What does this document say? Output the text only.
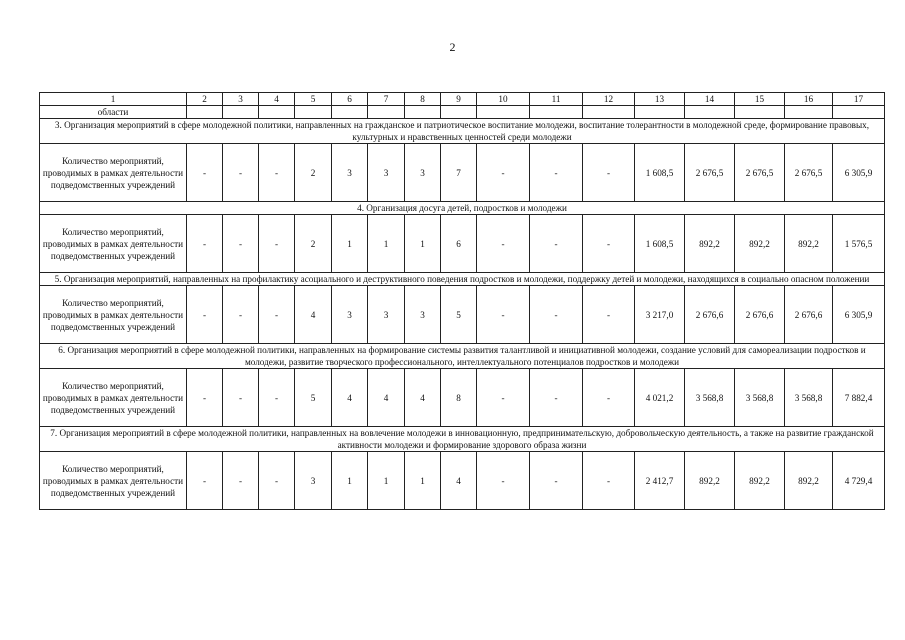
2
1	2	3	4	5	6	7	8	9	10	11	12	13	14	15	16	17
области																
3. Организация мероприятий в сфере молодежной политики, направленных на гражданское и патриотическое воспитание молодежи, воспитание толерантности в молодежной среде, формирование правовых, культурных и нравственных ценностей среди молодежи																
Количество мероприятий, проводимых в рамках деятельности подведомственных учреждений	-	-	-	2	3	3	3	7	-	-	-	1 608,5	2 676,5	2 676,5	2 676,5	6 305,9
4. Организация досуга детей, подростков и молодежи																
Количество мероприятий, проводимых в рамках деятельности подведомственных учреждений	-	-	-	2	1	1	1	6	-	-	-	1 608,5	892,2	892,2	892,2	1 576,5
5. Организация мероприятий, направленных на профилактику асоциального и деструктивного поведения подростков и молодежи, поддержку детей и молодежи, находящихся в социально опасном положении																
Количество мероприятий, проводимых в рамках деятельности подведомственных учреждений	-	-	-	4	3	3	3	5	-	-	-	3 217,0	2 676,6	2 676,6	2 676,6	6 305,9
6. Организация мероприятий в сфере молодежной политики, направленных на формирование системы развития талантливой и инициативной молодежи, создание условий для самореализации подростков и молодежи, развитие творческого профессионального, интеллектуального потенциалов подростков и молодежи																
Количество мероприятий, проводимых в рамках деятельности подведомственных учреждений	-	-	-	5	4	4	4	8	-	-	-	4 021,2	3 568,8	3 568,8	3 568,8	7 882,4
7. Организация мероприятий в сфере молодежной политики, направленных на вовлечение молодежи в инновационную, предпринимательскую, добровольческую деятельность, а также на развитие гражданской активности молодежи и формирование здорового образа жизни																
Количество мероприятий, проводимых в рамках деятельности подведомственных учреждений	-	-	-	3	1	1	1	4	-	-	-	2 412,7	892,2	892,2	892,2	4 729,4
